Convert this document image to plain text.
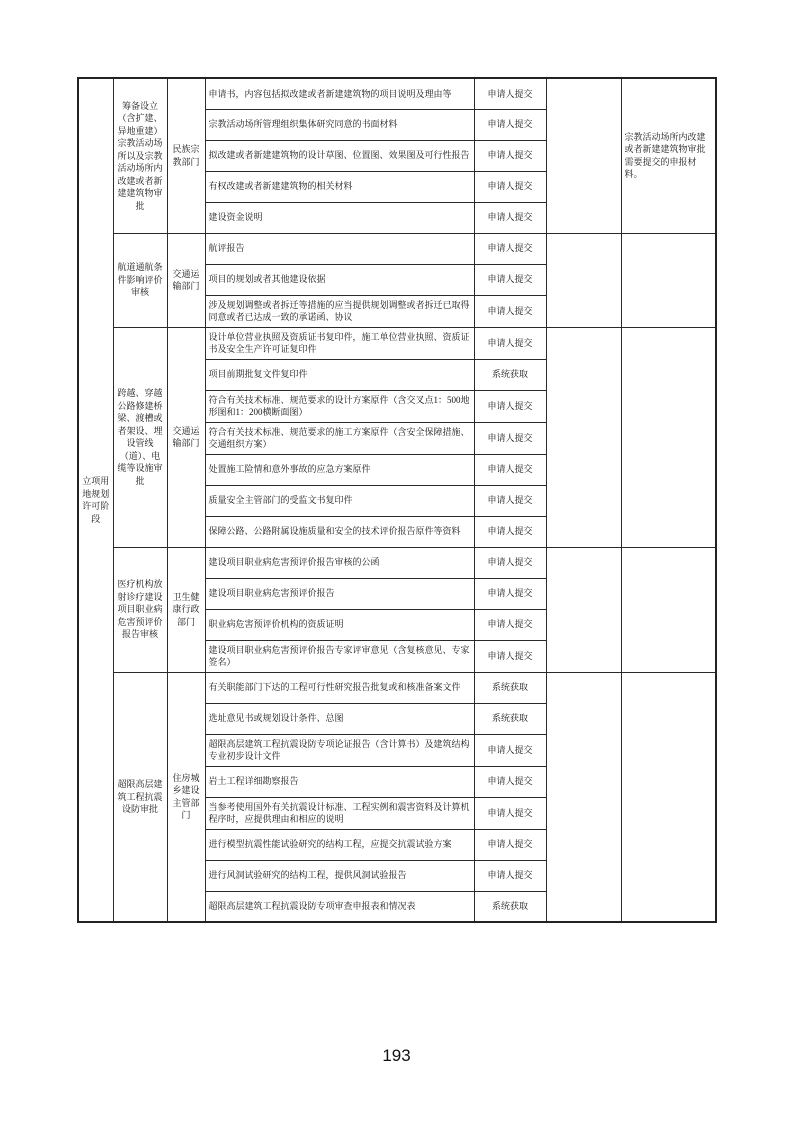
立项用地规划许可阶段	筹备设立（含扩建、异地重建）宗教活动场所以及宗教活动场所内改建或者新建建筑物审批	民族宗教部门	申请书，内容包括拟改建或者新建建筑物的项目说明及理由等	申请人提交		宗教活动场所内改建或者新建建筑物审批需要提交的申报材料。
			宗教活动场所管理组织集体研究同意的书面材料	申请人提交		
			拟改建或者新建建筑物的设计草图、位置图、效果图及可行性报告	申请人提交		
			有权改建或者新建建筑物的相关材料	申请人提交		
			建设资金说明	申请人提交		
	航道通航条件影响评价审核	交通运输部门	航评报告	申请人提交		
			项目的规划或者其他建设依据	申请人提交		
			涉及规划调整或者拆迁等措施的应当提供规划调整或者拆迁已取得同意或者已达成一致的承诺函、协议	申请人提交		
	跨越、穿越公路修建桥梁、渡槽或者架设、埋设管线（道）、电缆等设施审批	交通运输部门	设计单位营业执照及资质证书复印件，施工单位营业执照、资质证书及安全生产许可证复印件	申请人提交		
			项目前期批复文件复印件	系统获取		
			符合有关技术标准、规范要求的设计方案原件（含交叉点1：500地形图和1：200横断面图）	申请人提交		
			符合有关技术标准、规范要求的施工方案原件（含安全保障措施、交通组织方案）	申请人提交		
			处置施工险情和意外事故的应急方案原件	申请人提交		
			质量安全主管部门的受监文书复印件	申请人提交		
			保障公路、公路附属设施质量和安全的技术评价报告原件等资料	申请人提交		
	医疗机构放射诊疗建设项目职业病危害预评价报告审核	卫生健康行政部门	建设项目职业病危害预评价报告审核的公函	申请人提交		
			建设项目职业病危害预评价报告	申请人提交		
			职业病危害预评价机构的资质证明	申请人提交		
			建设项目职业病危害预评价报告专家评审意见（含复核意见、专家签名）	申请人提交		
	超限高层建筑工程抗震设防审批	住房城乡建设主管部门	有关职能部门下达的工程可行性研究报告批复或和核准备案文件	系统获取		
			选址意见书或规划设计条件、总图	系统获取		
			超限高层建筑工程抗震设防专项论证报告（含计算书）及建筑结构专业初步设计文件	申请人提交		
			岩土工程详细勘察报告	申请人提交		
			当参考使用国外有关抗震设计标准、工程实例和震害资料及计算机程序时，应提供理由和相应的说明	申请人提交		
			进行模型抗震性能试验研究的结构工程，应提交抗震试验方案	申请人提交		
			进行风洞试验研究的结构工程，提供风洞试验报告	申请人提交		
			超限高层建筑工程抗震设防专项审查申报表和情况表	系统获取		
193
